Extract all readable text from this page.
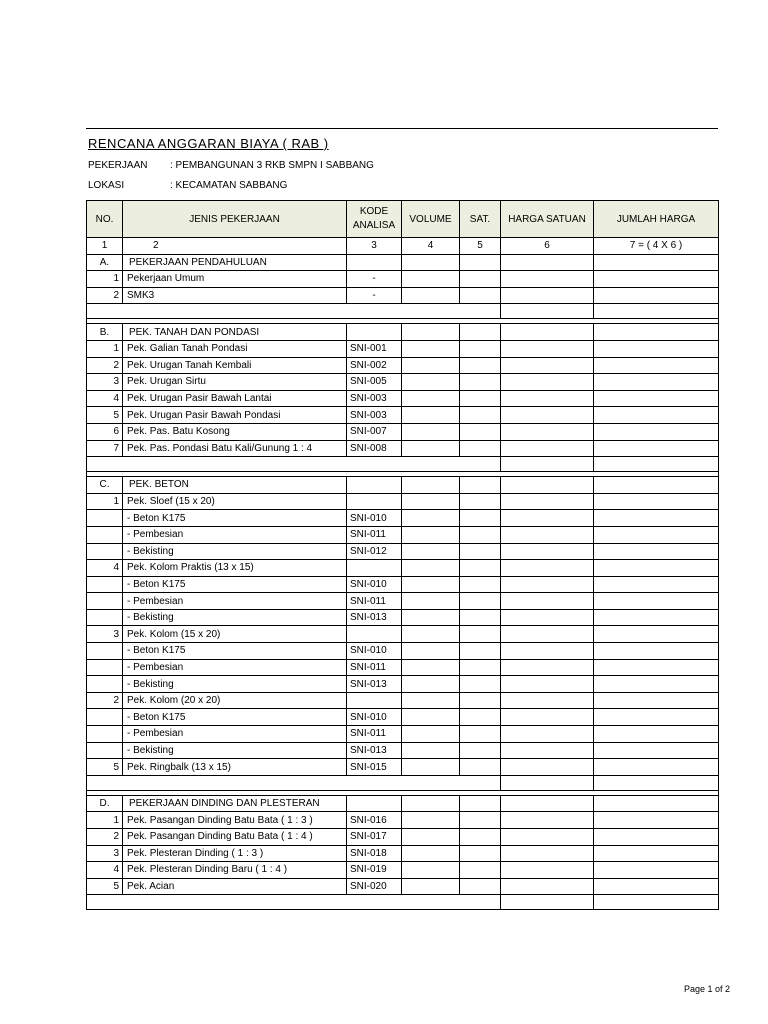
RENCANA ANGGARAN BIAYA ( RAB )
PEKERJAAN : PEMBANGUNAN 3 RKB SMPN I SABBANG
LOKASI	: KECAMATAN SABBANG
NO.	JENIS PEKERJAAN	KODE ANALISA	VOLUME	SAT.	HARGA SATUAN	JUMLAH HARGA
1	2	3	4	5	6	7 = ( 4 X 6 )
A.	PEKERJAAN PENDAHULUAN					
1	Pekerjaan Umum	-				
2	SMK3	-				

B.	PEK. TANAH DAN PONDASI					
1	Pek. Galian Tanah Pondasi	SNI-001				
2	Pek. Urugan Tanah Kembali	SNI-002				
3	Pek. Urugan Sirtu	SNI-005				
4	Pek. Urugan Pasir Bawah Lantai	SNI-003				
5	Pek. Urugan Pasir Bawah Pondasi	SNI-003				
6	Pek. Pas. Batu Kosong	SNI-007				
7	Pek. Pas. Pondasi Batu Kali/Gunung 1 : 4	SNI-008				

C.	PEK. BETON					
1	Pek. Sloef (15 x 20)					
	- Beton K175	SNI-010				
	- Pembesian	SNI-011				
	- Bekisting	SNI-012				
4	Pek. Kolom Praktis (13 x 15)					
	- Beton K175	SNI-010				
	- Pembesian	SNI-011				
	- Bekisting	SNI-013				
3	Pek. Kolom (15 x 20)					
	- Beton K175	SNI-010				
	- Pembesian	SNI-011				
	- Bekisting	SNI-013				
2	Pek. Kolom (20 x 20)					
	- Beton K175	SNI-010				
	- Pembesian	SNI-011				
	- Bekisting	SNI-013				
5	Pek. Ringbalk (13 x 15)	SNI-015				

D.	PEKERJAAN DINDING DAN PLESTERAN					
1	Pek. Pasangan Dinding Batu Bata ( 1 : 3 )	SNI-016				
2	Pek. Pasangan Dinding Batu Bata ( 1 : 4 )	SNI-017				
3	Pek. Plesteran Dinding ( 1 : 3 )	SNI-018				
4	Pek. Plesteran Dinding Baru ( 1 : 4 )	SNI-019				
5	Pek. Acian	SNI-020				

Page 1 of 2
